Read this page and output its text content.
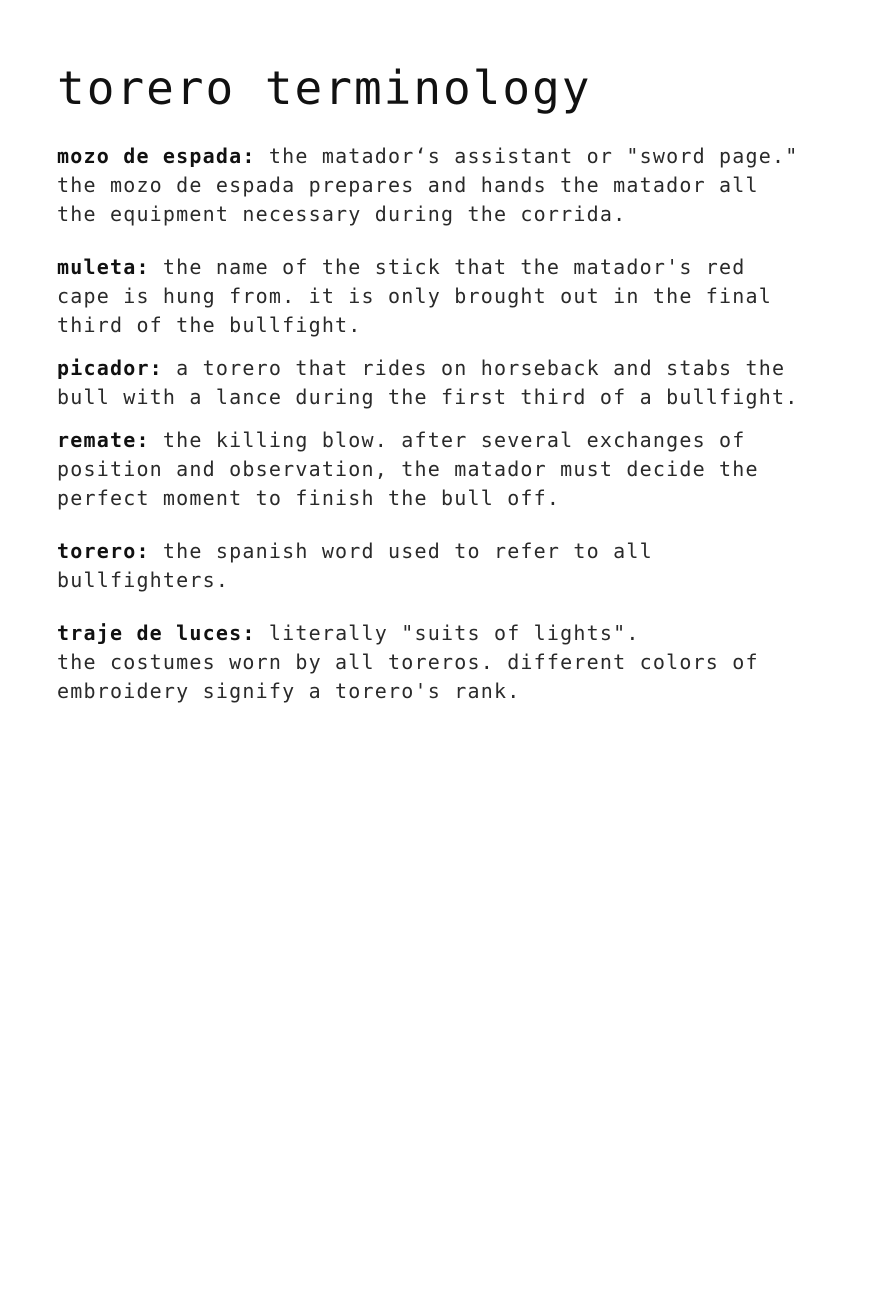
torero terminology

mozo de espada: the matador‘s assistant or "sword page."
the mozo de espada prepares and hands the matador all
the equipment necessary during the corrida.

muleta: the name of the stick that the matador's red
cape is hung from. it is only brought out in the final
third of the bullfight.

picador: a torero that rides on horseback and stabs the
bull with a lance during the first third of a bullfight.

remate: the killing blow. after several exchanges of
position and observation, the matador must decide the
perfect moment to finish the bull off.

torero: the spanish word used to refer to all
bullfighters.

traje de luces: literally "suits of lights".
the costumes worn by all toreros. different colors of
embroidery signify a torero's rank.
